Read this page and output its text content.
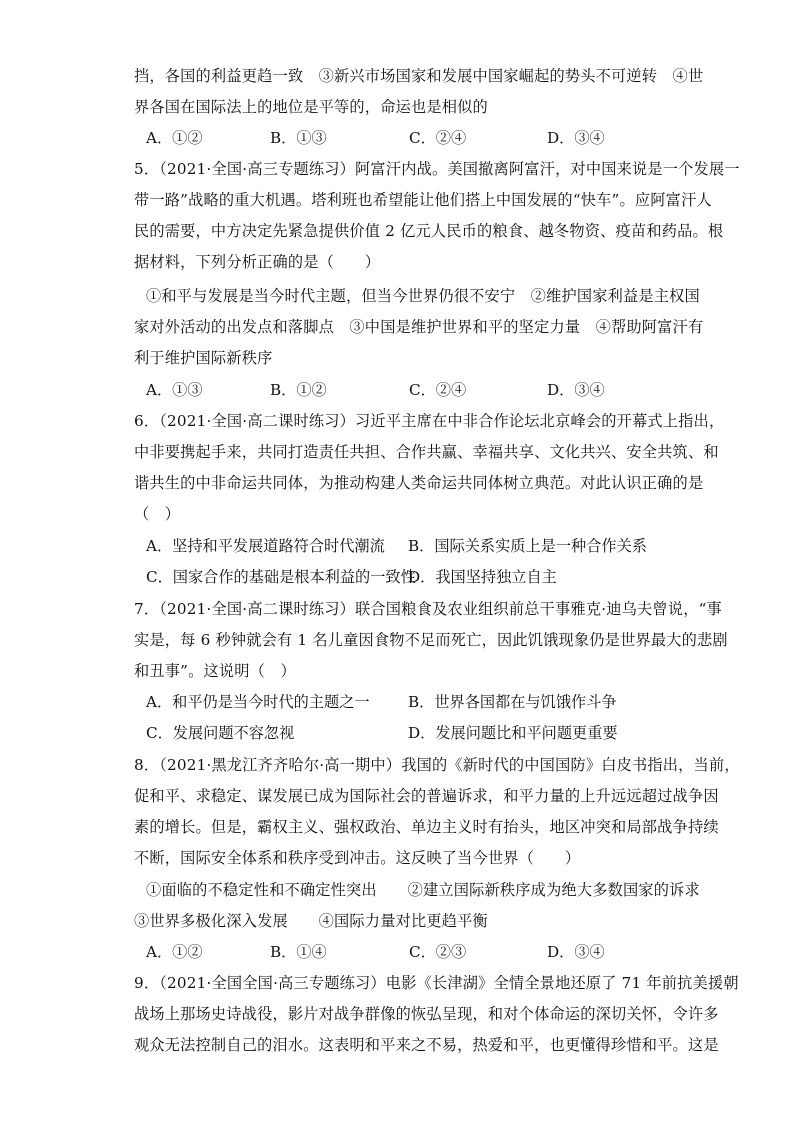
挡，各国的利益更趋一致　③新兴市场国家和发展中国家崛起的势头不可逆转　④世
界各国在国际法上的地位是平等的，命运也是相似的
A．①②	B．①③	C．②④	D．③④
5．（2021·全国·高三专题练习）阿富汗内战。美国撤离阿富汗，对中国来说是一个发展一
带一路”战略的重大机遇。塔利班也希望能让他们搭上中国发展的“快车”。应阿富汗人
民的需要，中方决定先紧急提供价值 2 亿元人民币的粮食、越冬物资、疫苗和药品。根
据材料，下列分析正确的是（　　）
①和平与发展是当今时代主题，但当今世界仍很不安宁　②维护国家利益是主权国
家对外活动的出发点和落脚点　③中国是维护世界和平的坚定力量　④帮助阿富汗有
利于维护国际新秩序
A．①③	B．①②	C．②④	D．③④
6．（2021·全国·高二课时练习）习近平主席在中非合作论坛北京峰会的开幕式上指出，
中非要携起手来，共同打造责任共担、合作共赢、幸福共享、文化共兴、安全共筑、和
谐共生的中非命运共同体，为推动构建人类命运共同体树立典范。对此认识正确的是
（　）
A．坚持和平发展道路符合时代潮流 B．国际关系实质上是一种合作关系
C．国家合作的基础是根本利益的一致性
D．我国坚持独立自主
7．（2021·全国·高二课时练习）联合国粮食及农业组织前总干事雅克·迪乌夫曾说，“事
实是，每 6 秒钟就会有 1 名儿童因食物不足而死亡，因此饥饿现象仍是世界最大的悲剧
和丑事”。这说明（　）
A．和平仍是当今时代的主题之一	B．世界各国都在与饥饿作斗争
C．发展问题不容忽视	D．发展问题比和平问题更重要
8．（2021·黑龙江齐齐哈尔·高一期中）我国的《新时代的中国国防》白皮书指出，当前，
促和平、求稳定、谋发展已成为国际社会的普遍诉求，和平力量的上升远远超过战争因
素的增长。但是，霸权主义、强权政治、单边主义时有抬头，地区冲突和局部战争持续
不断，国际安全体系和秩序受到冲击。这反映了当今世界（　　）
①面临的不稳定性和不确定性突出　　②建立国际新秩序成为绝大多数国家的诉求
③世界多极化深入发展　　④国际力量对比更趋平衡
A．①②	B．①④	C．②③	D．③④
9．（2021·全国全国·高三专题练习）电影《长津湖》全情全景地还原了 71 年前抗美援朝
战场上那场史诗战役，影片对战争群像的恢弘呈现，和对个体命运的深切关怀，令许多
观众无法控制自己的泪水。这表明和平来之不易，热爱和平，也更懂得珍惜和平。这是
